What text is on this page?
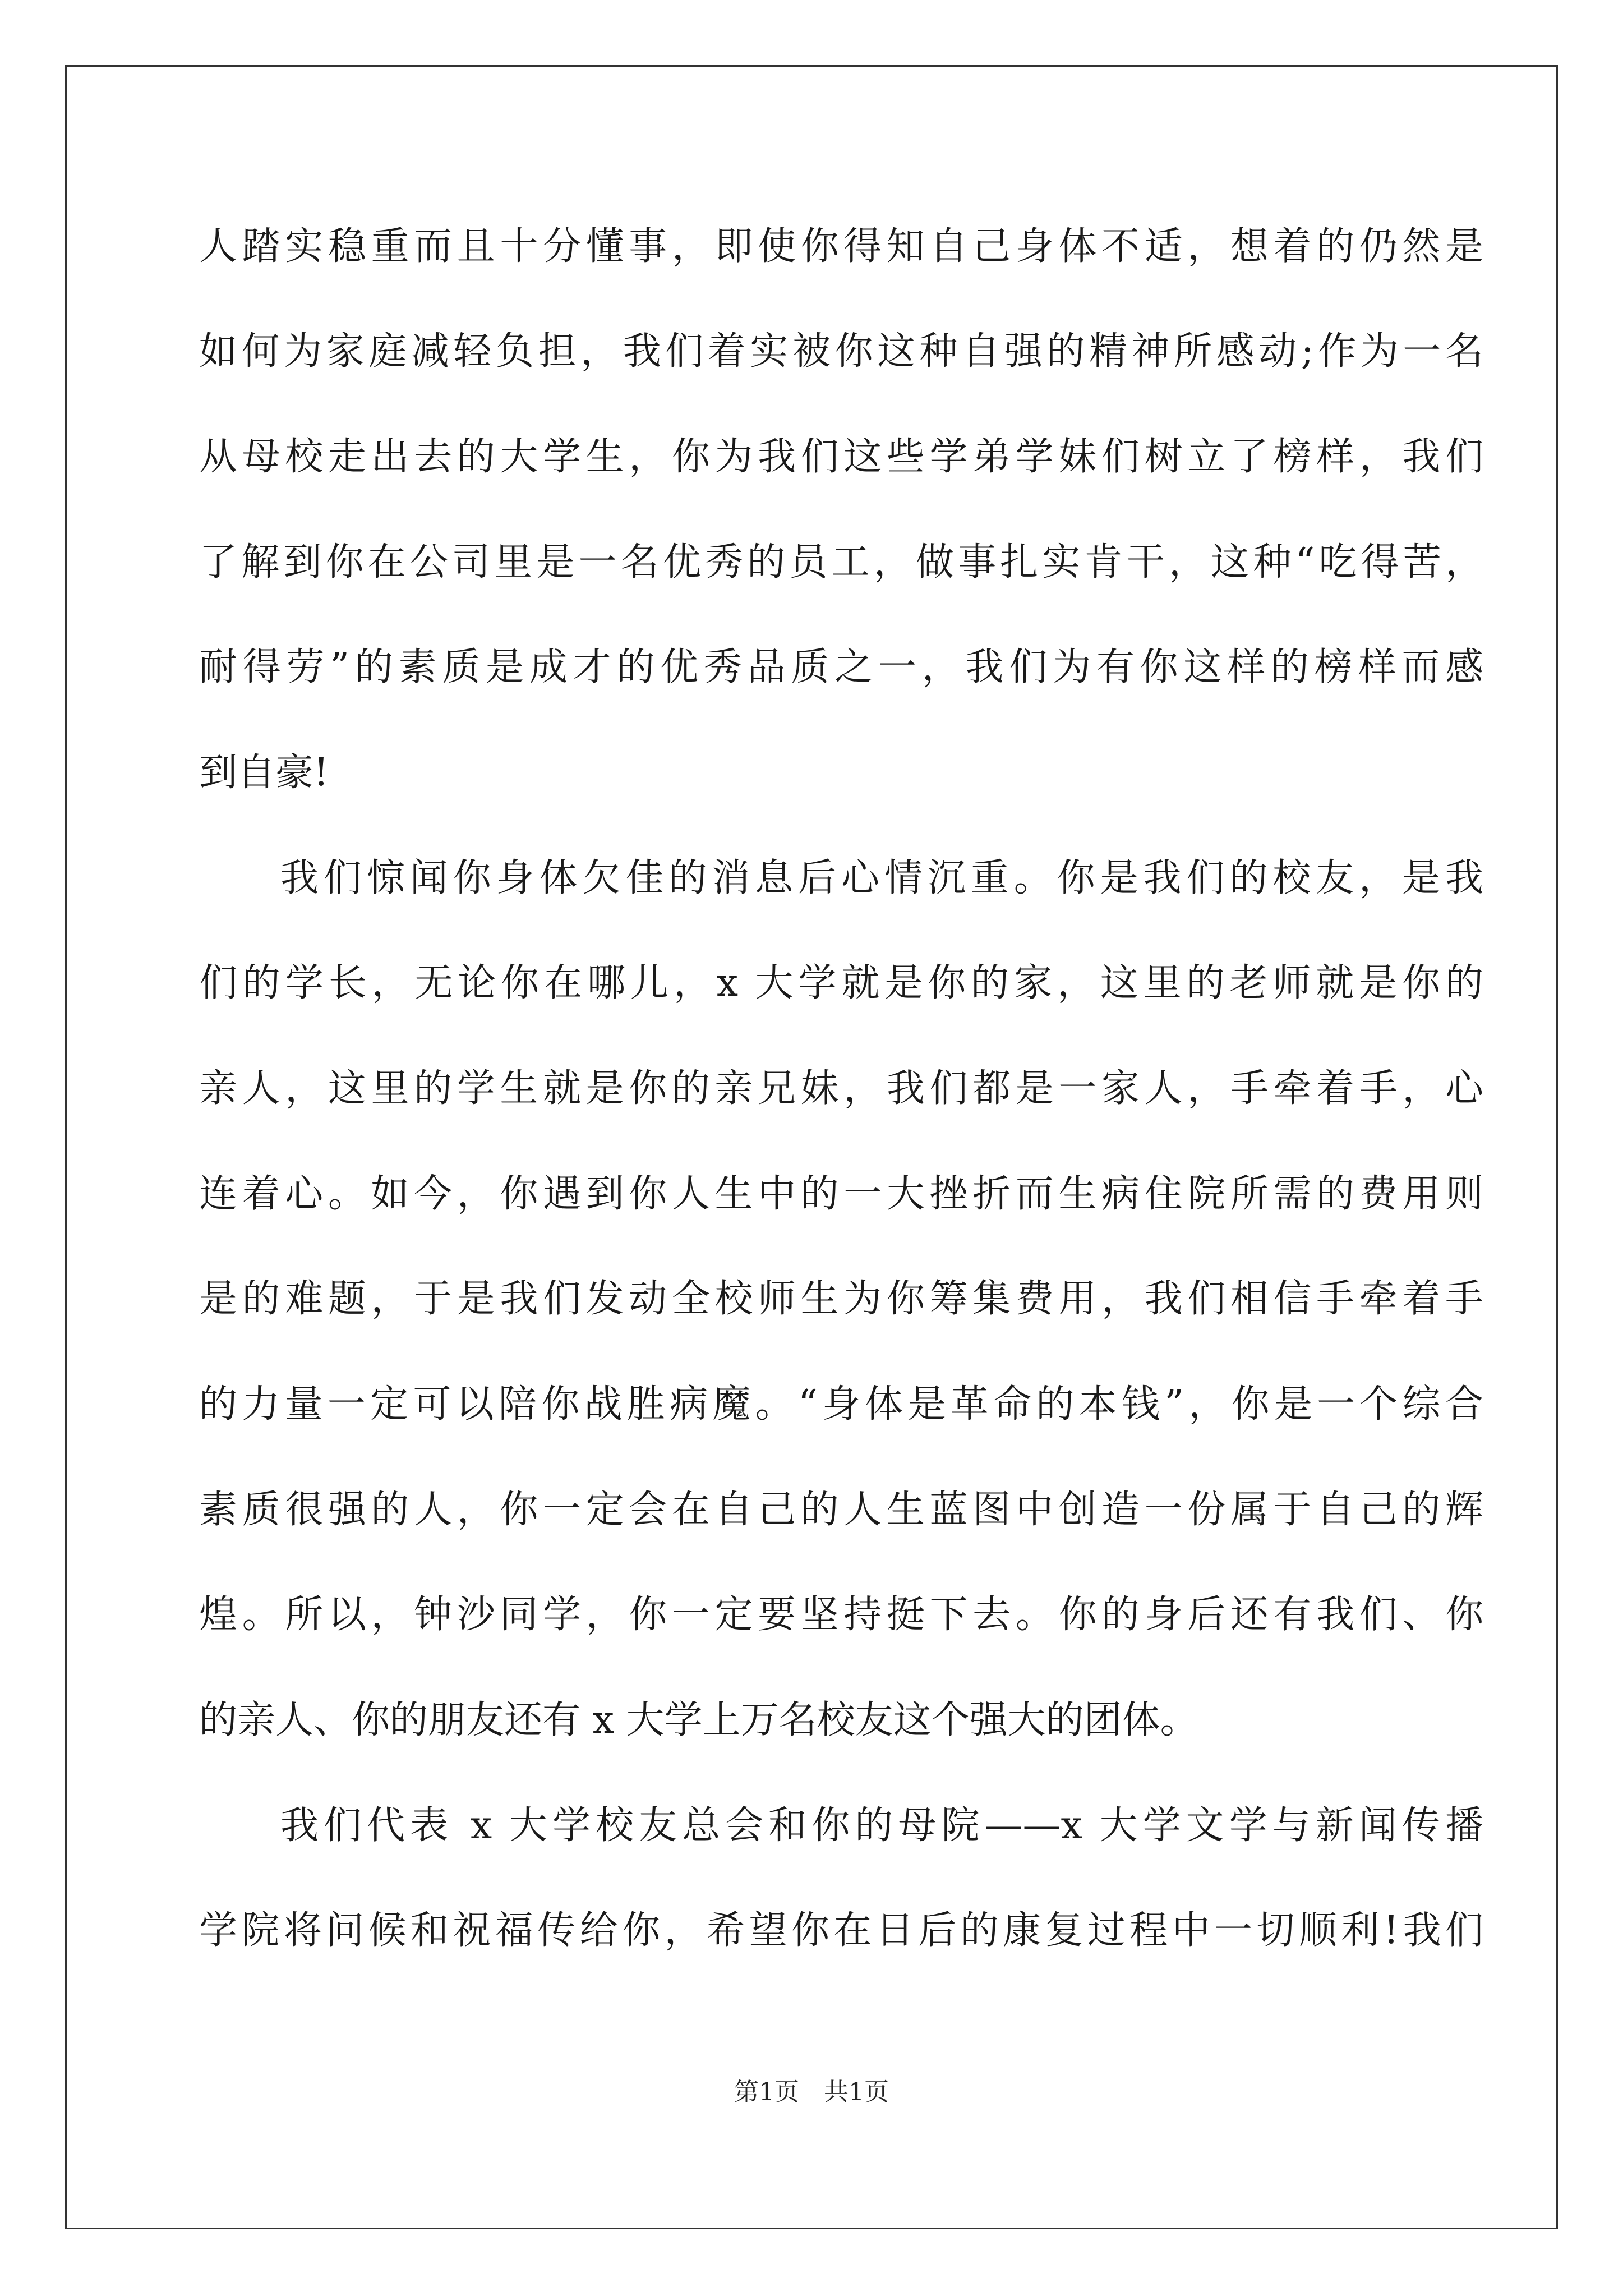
人踏实稳重而且十分懂事，即使你得知自己身体不适，想着的仍然是
如何为家庭减轻负担，我们着实被你这种自强的精神所感动;作为一名
从母校走出去的大学生，你为我们这些学弟学妹们树立了榜样，我们
了解到你在公司里是一名优秀的员工，做事扎实肯干，这种“吃得苦，
耐得劳”的素质是成才的优秀品质之一，我们为有你这样的榜样而感
到自豪!
我们惊闻你身体欠佳的消息后心情沉重。你是我们的校友，是我
们的学长，无论你在哪儿，x 大学就是你的家，这里的老师就是你的
亲人，这里的学生就是你的亲兄妹，我们都是一家人，手牵着手，心
连着心。如今，你遇到你人生中的一大挫折而生病住院所需的费用则
是的难题，于是我们发动全校师生为你筹集费用，我们相信手牵着手
的力量一定可以陪你战胜病魔。“身体是革命的本钱”，你是一个综合
素质很强的人，你一定会在自己的人生蓝图中创造一份属于自己的辉
煌。所以，钟沙同学，你一定要坚持挺下去。你的身后还有我们、你
的亲人、你的朋友还有 x 大学上万名校友这个强大的团体。
我们代表 x 大学校友总会和你的母院——x 大学文学与新闻传播
学院将问候和祝福传给你，希望你在日后的康复过程中一切顺利!我们
第1页　共1页
